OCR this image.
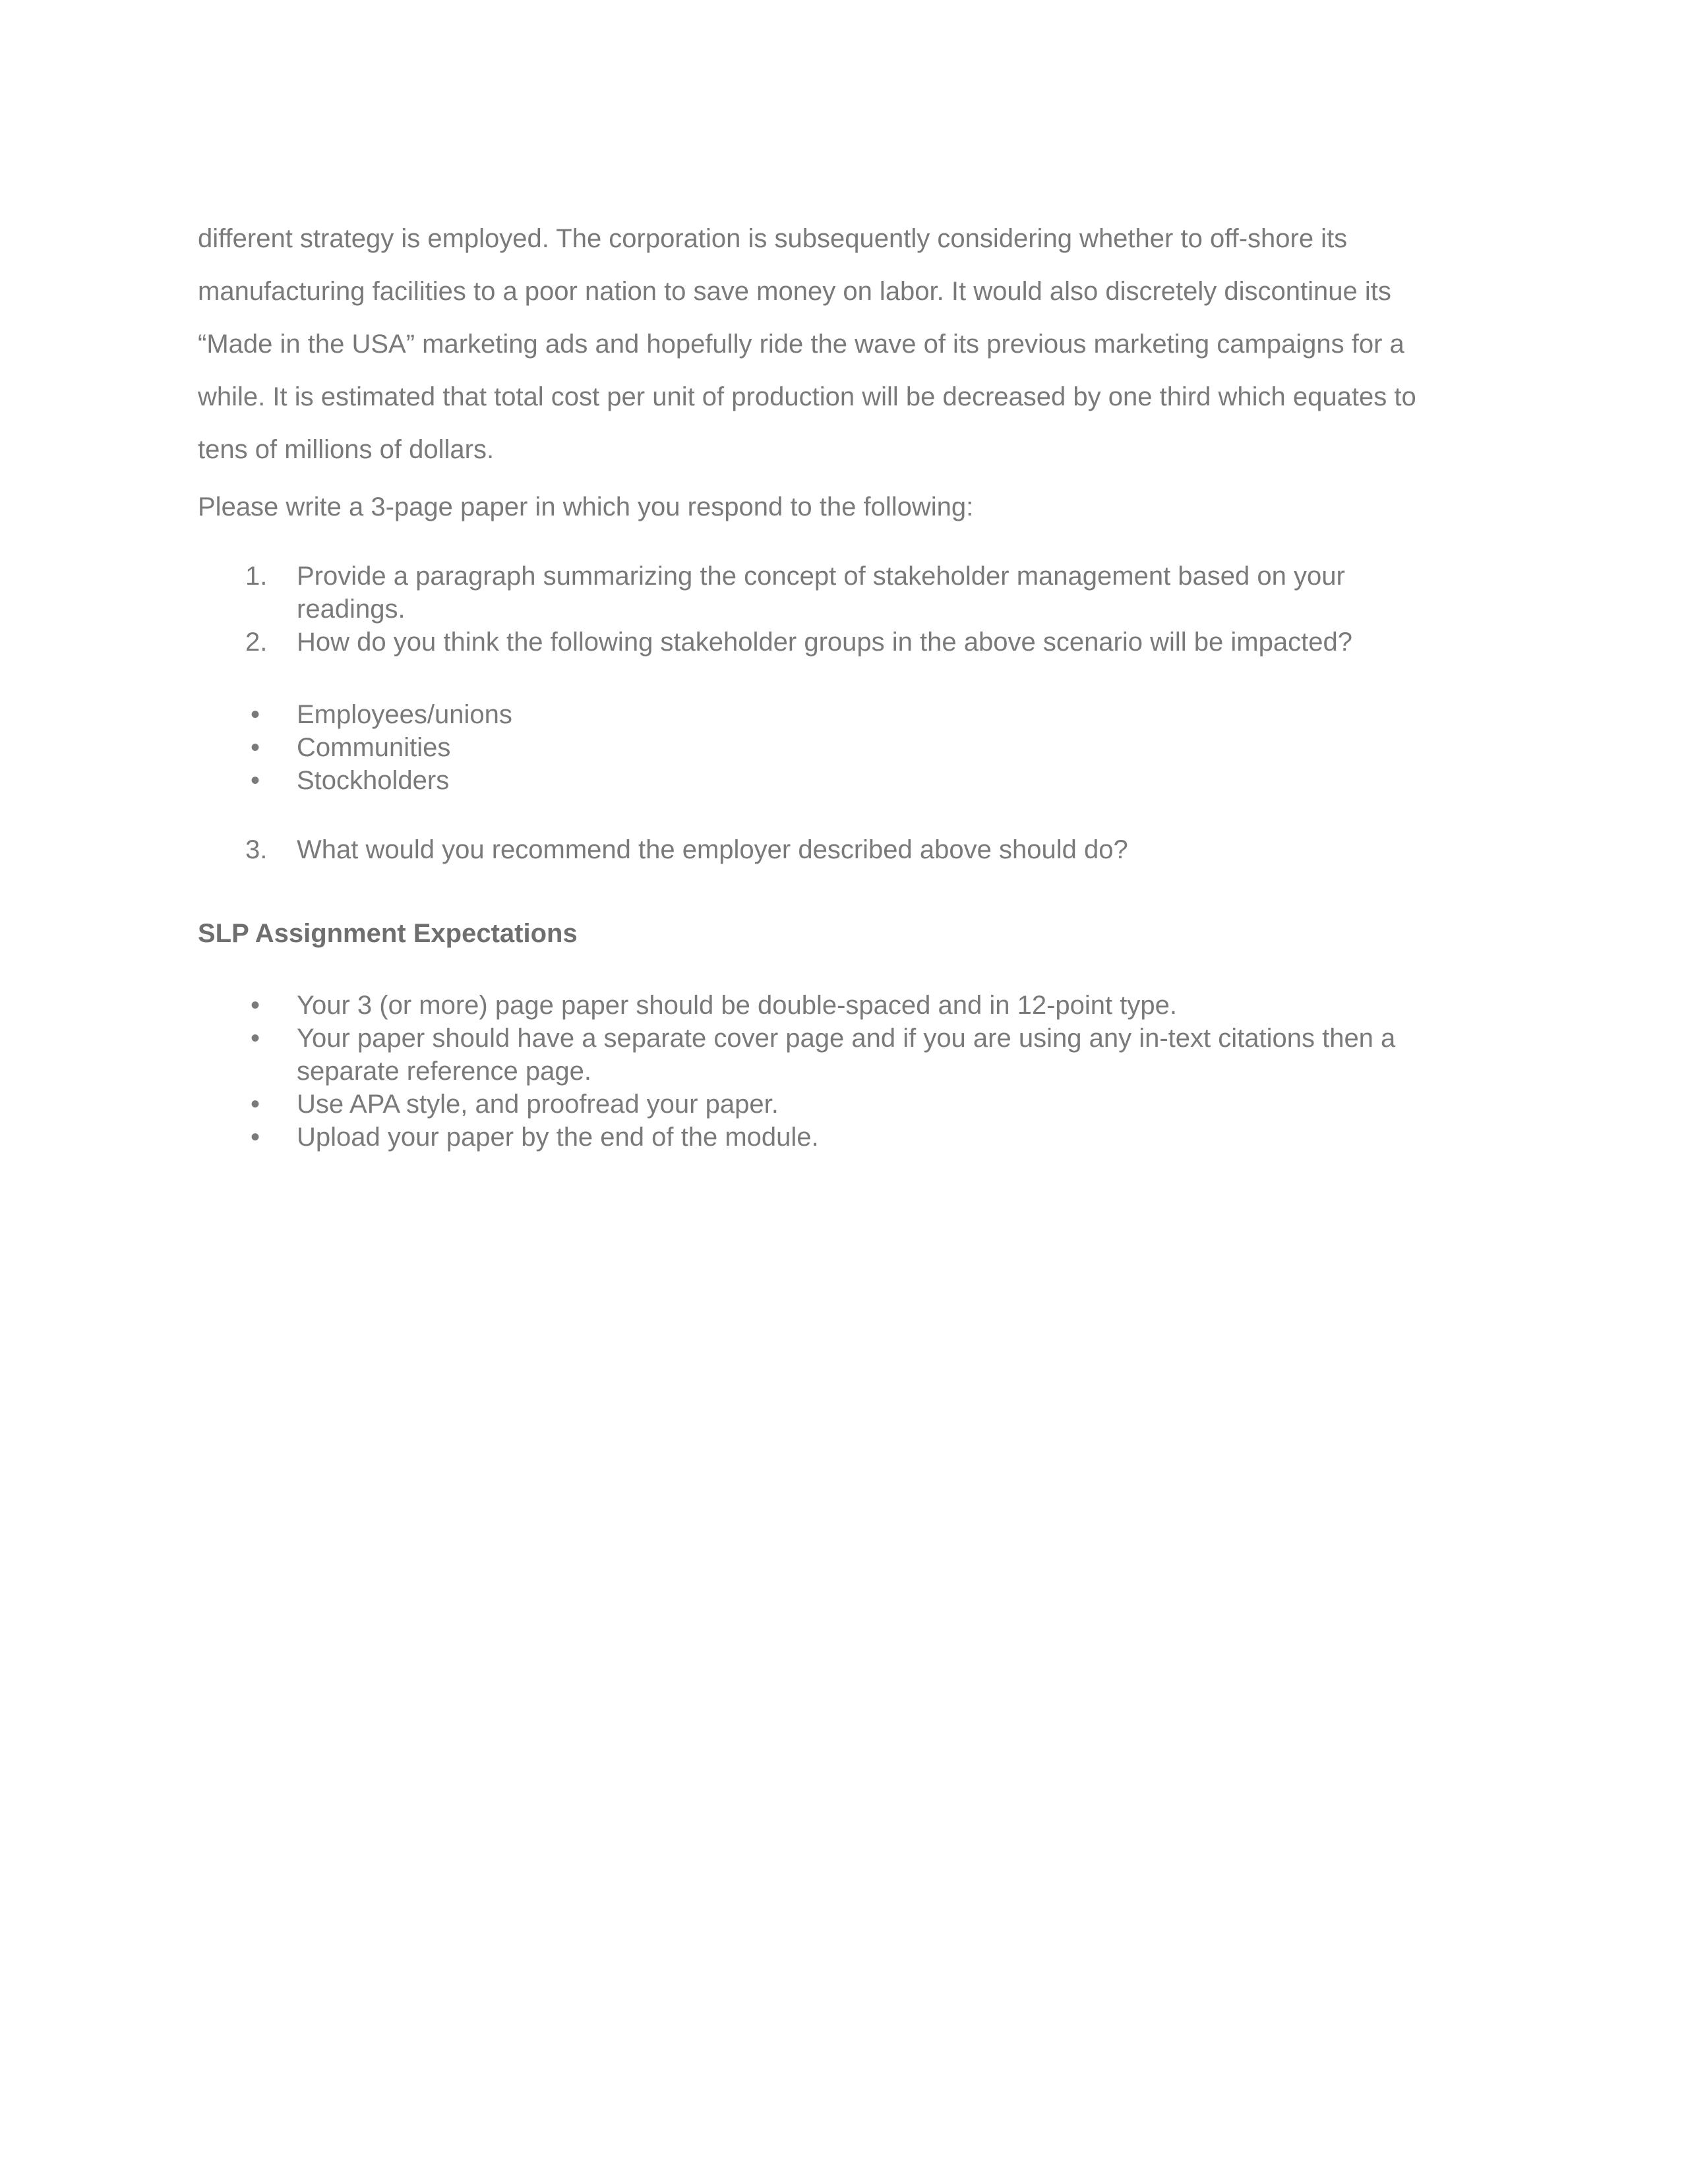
different strategy is employed. The corporation is subsequently considering whether to off-shore its
manufacturing facilities to a poor nation to save money on labor. It would also discretely discontinue its
“Made in the USA” marketing ads and hopefully ride the wave of its previous marketing campaigns for a
while. It is estimated that total cost per unit of production will be decreased by one third which equates to
tens of millions of dollars.

Please write a 3-page paper in which you respond to the following:

1.	Provide a paragraph summarizing the concept of stakeholder management based on your
readings.
2.	How do you think the following stakeholder groups in the above scenario will be impacted?
• Employees/unions
• Communities
• Stockholders
3.	What would you recommend the employer described above should do?

SLP Assignment Expectations

• Your 3 (or more) page paper should be double-spaced and in 12-point type.
• Your paper should have a separate cover page and if you are using any in-text citations then a
separate reference page.
• Use APA style, and proofread your paper.
• Upload your paper by the end of the module.
